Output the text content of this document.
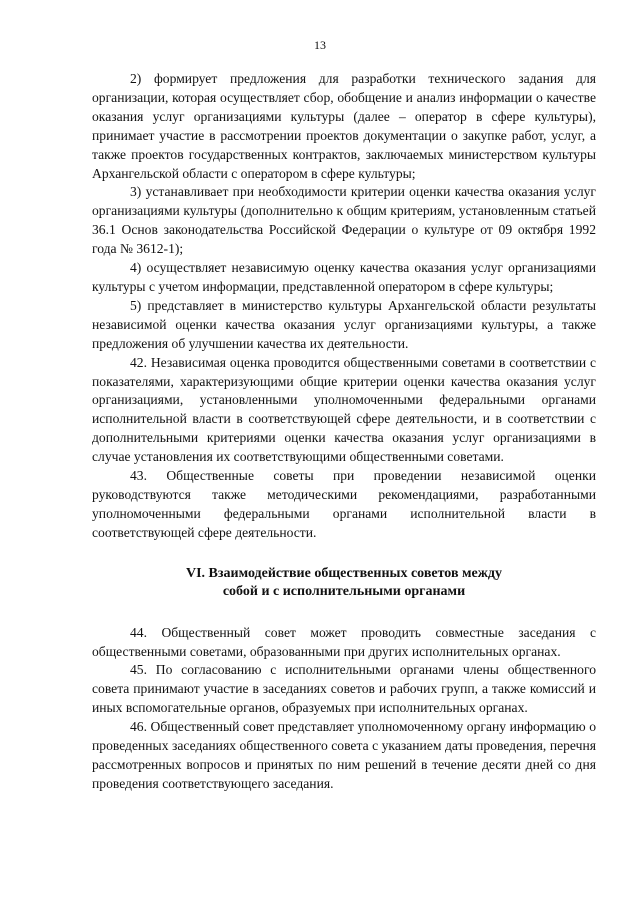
13

2) формирует предложения для разработки технического задания для организации, которая осуществляет сбор, обобщение и анализ информации о качестве оказания услуг организациями культуры (далее – оператор в сфере культуры), принимает участие в рассмотрении проектов документации о закупке работ, услуг, а также проектов государственных контрактов, заключаемых министерством культуры Архангельской области с оператором в сфере культуры;

3) устанавливает при необходимости критерии оценки качества оказания услуг организациями культуры (дополнительно к общим критериям, установленным статьей 36.1 Основ законодательства Российской Федерации о культуре от 09 октября 1992 года № 3612-1);

4) осуществляет независимую оценку качества оказания услуг организациями культуры с учетом информации, представленной оператором в сфере культуры;

5) представляет в министерство культуры Архангельской области результаты независимой оценки качества оказания услуг организациями культуры, а также предложения об улучшении качества их деятельности.

42. Независимая оценка проводится общественными советами в соответствии с показателями, характеризующими общие критерии оценки качества оказания услуг организациями, установленными уполномоченными федеральными органами исполнительной власти в соответствующей сфере деятельности, и в соответствии с дополнительными критериями оценки качества оказания услуг организациями в случае установления их соответствующими общественными советами.

43. Общественные советы при проведении независимой оценки руководствуются также методическими рекомендациями, разработанными уполномоченными федеральными органами исполнительной власти в соответствующей сфере деятельности.

VI. Взаимодействие общественных советов между
собой и с исполнительными органами

44. Общественный совет может проводить совместные заседания с общественными советами, образованными при других исполнительных органах.

45. По согласованию с исполнительными органами члены общественного совета принимают участие в заседаниях советов и рабочих групп, а также комиссий и иных вспомогательные органов, образуемых при исполнительных органах.

46. Общественный совет представляет уполномоченному органу информацию о проведенных заседаниях общественного совета с указанием даты проведения, перечня рассмотренных вопросов и принятых по ним решений в течение десяти дней со дня проведения соответствующего заседания.
